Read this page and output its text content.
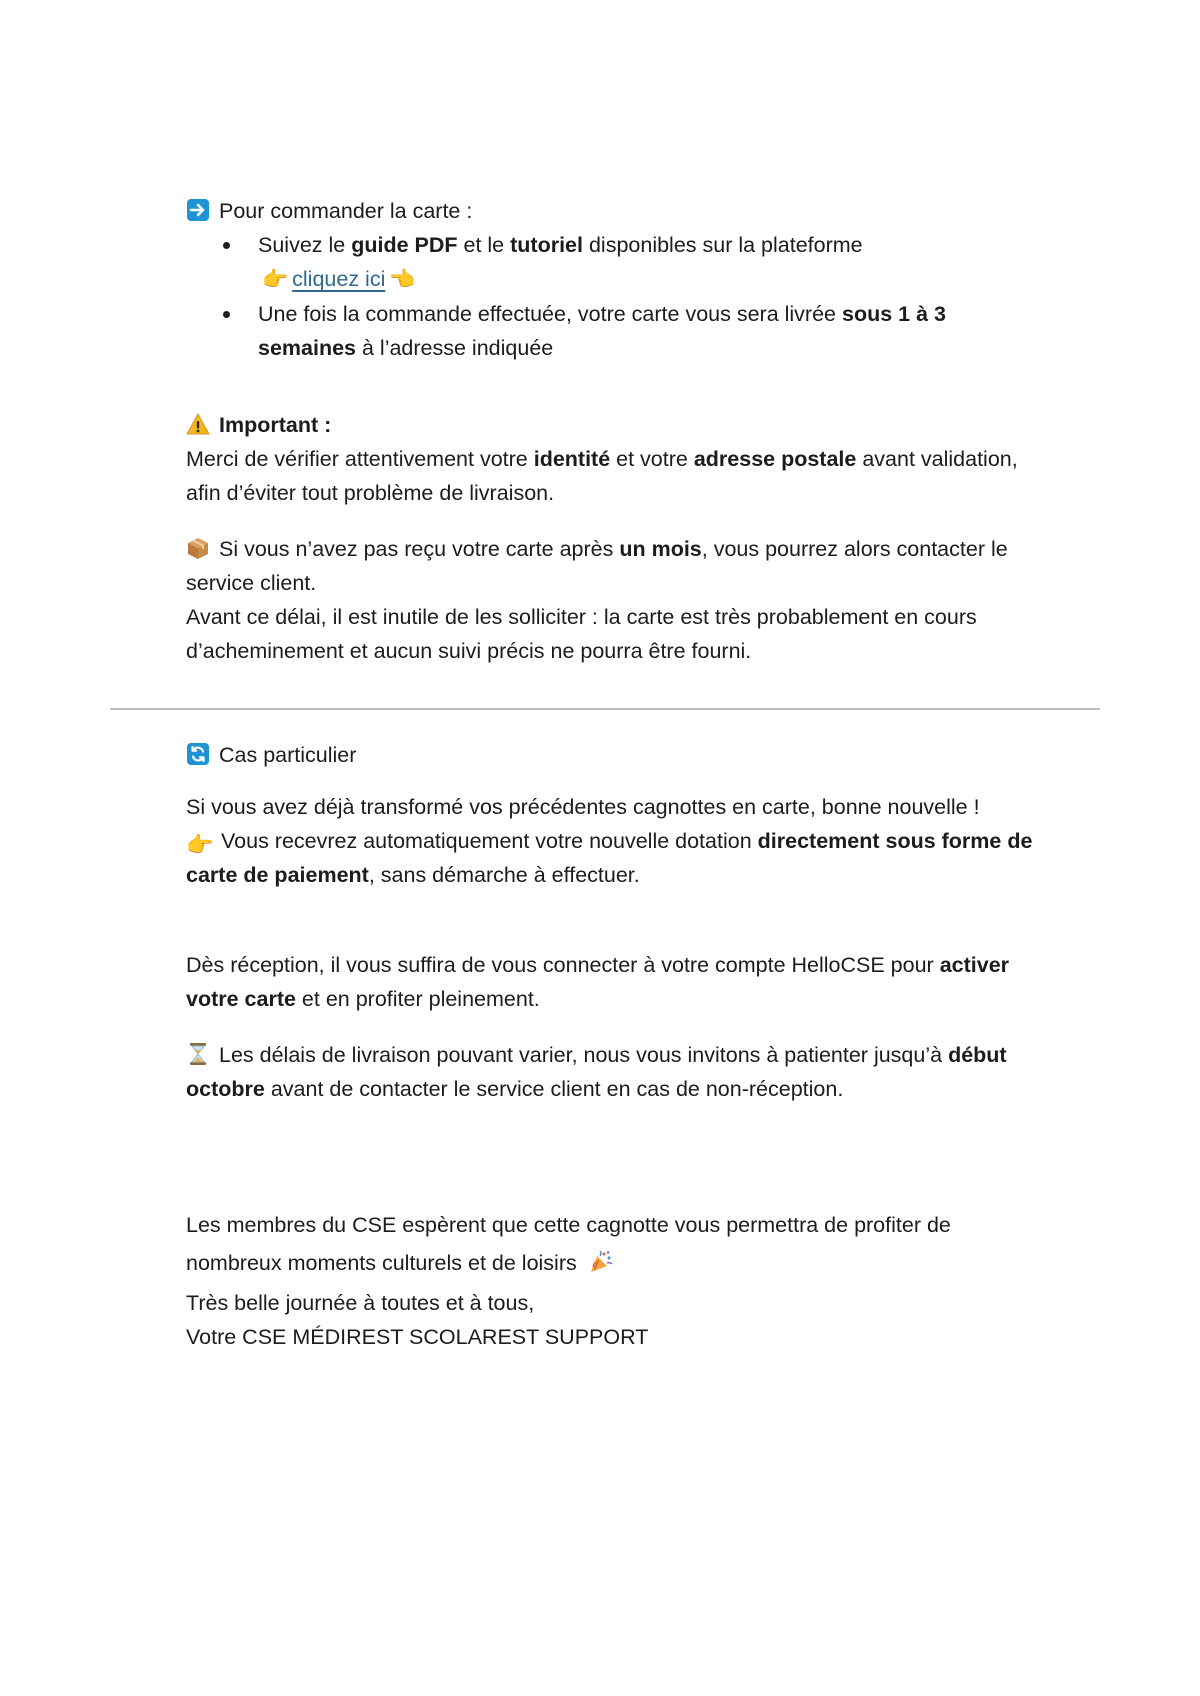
Pour commander la carte :

Suivez le guide PDF et le tutoriel disponibles sur la plateforme
👉 cliquez ici 👈
Une fois la commande effectuée, votre carte vous sera livrée sous 1 à 3 semaines à l’adresse indiquée

Important :

Merci de vérifier attentivement votre identité et votre adresse postale avant validation, afin d’éviter tout problème de livraison.

Si vous n’avez pas reçu votre carte après un mois, vous pourrez alors contacter le service client.
Avant ce délai, il est inutile de les solliciter : la carte est très probablement en cours d’acheminement et aucun suivi précis ne pourra être fourni.

Cas particulier

Si vous avez déjà transformé vos précédentes cagnottes en carte, bonne nouvelle !

👉 Vous recevrez automatiquement votre nouvelle dotation directement sous forme de carte de paiement, sans démarche à effectuer.

Dès réception, il vous suffira de vous connecter à votre compte HelloCSE pour activer votre carte et en profiter pleinement.

Les délais de livraison pouvant varier, nous vous invitons à patienter jusqu’à début octobre avant de contacter le service client en cas de non-réception.

Les membres du CSE espèrent que cette cagnotte vous permettra de profiter de nombreux moments culturels et de loisirs

Très belle journée à toutes et à tous,

Votre CSE MÉDIREST SCOLAREST SUPPORT
